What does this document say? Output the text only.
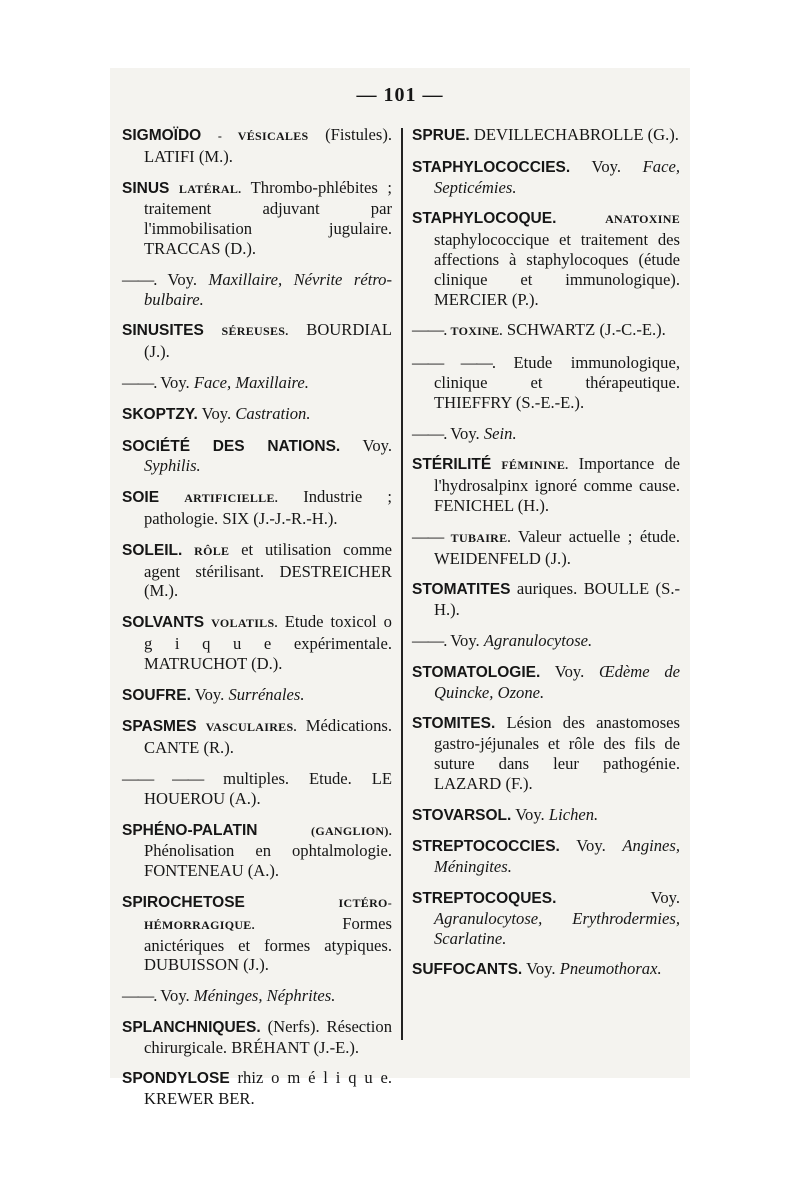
— 101 —
SIGMOÏDO - VÉSICALES (Fistules). LATIFI (M.).
SINUS LATÉRAL. Thrombo-phlébites ; traitement adjuvant par l'immobilisation jugulaire. TRACCAS (D.).
——. Voy. Maxillaire, Névrite rétro-bulbaire.
SINUSITES SÉREUSES. BOURDIAL (J.).
——. Voy. Face, Maxillaire.
SKOPTZY. Voy. Castration.
SOCIÉTÉ DES NATIONS. Voy. Syphilis.
SOIE ARTIFICIELLE. Industrie ; pathologie. SIX (J.-J.-R.-H.).
SOLEIL. RÔLE et utilisation comme agent stérilisant. DESTREICHER (M.).
SOLVANTS VOLATILS. Etude toxicol o g i q u e expérimentale. MATRUCHOT (D.).
SOUFRE. Voy. Surrénales.
SPASMES VASCULAIRES. Médications. CANTE (R.).
—— —— multiples. Etude. LE HOUEROU (A.).
SPHÉNO-PALATIN	(GANGLION). Phénolisation en ophtalmologie. FONTENEAU (A.).
SPIROCHETOSE	ICTÉRO-HÉMORRAGIQUE.	Formes anictériques et formes atypiques. DUBUISSON (J.).
——. Voy. Méninges, Néphrites.
SPLANCHNIQUES. (Nerfs). Résection chirurgicale. BRÉHANT (J.-E.).
SPONDYLOSE rhiz o m é l i q u e. KREWER BER.
SPRUE. DEVILLECHABROLLE (G.).
STAPHYLOCOCCIES. Voy. Face, Septicémies.
STAPHYLOCOQUE.	ANATOXINE staphylococcique et traitement des affections à staphylocoques (étude clinique et immunologique). MERCIER (P.).
——. TOXINE. SCHWARTZ (J.-C.-E.).
—— ——. Etude immunologique, clinique et thérapeutique. THIEFFRY (S.-E.-E.).
——. Voy. Sein.
STÉRILITÉ FÉMININE. Importance de l'hydrosalpinx ignoré comme cause. FENICHEL (H.).
—— TUBAIRE. Valeur actuelle ; étude. WEIDENFELD (J.).
STOMATITES auriques. BOULLE (S.-H.).
——. Voy. Agranulocytose.
STOMATOLOGIE. Voy. Œdème de Quincke, Ozone.
STOMITES. Lésion des anastomoses gastro-jéjunales et rôle des fils de suture dans leur pathogénie. LAZARD (F.).
STOVARSOL. Voy. Lichen.
STREPTOCOCCIES. Voy. Angines, Méningites.
STREPTOCOQUES.	Voy. Agranulocytose, Erythrodermies, Scarlatine.
SUFFOCANTS. Voy. Pneumothorax.
